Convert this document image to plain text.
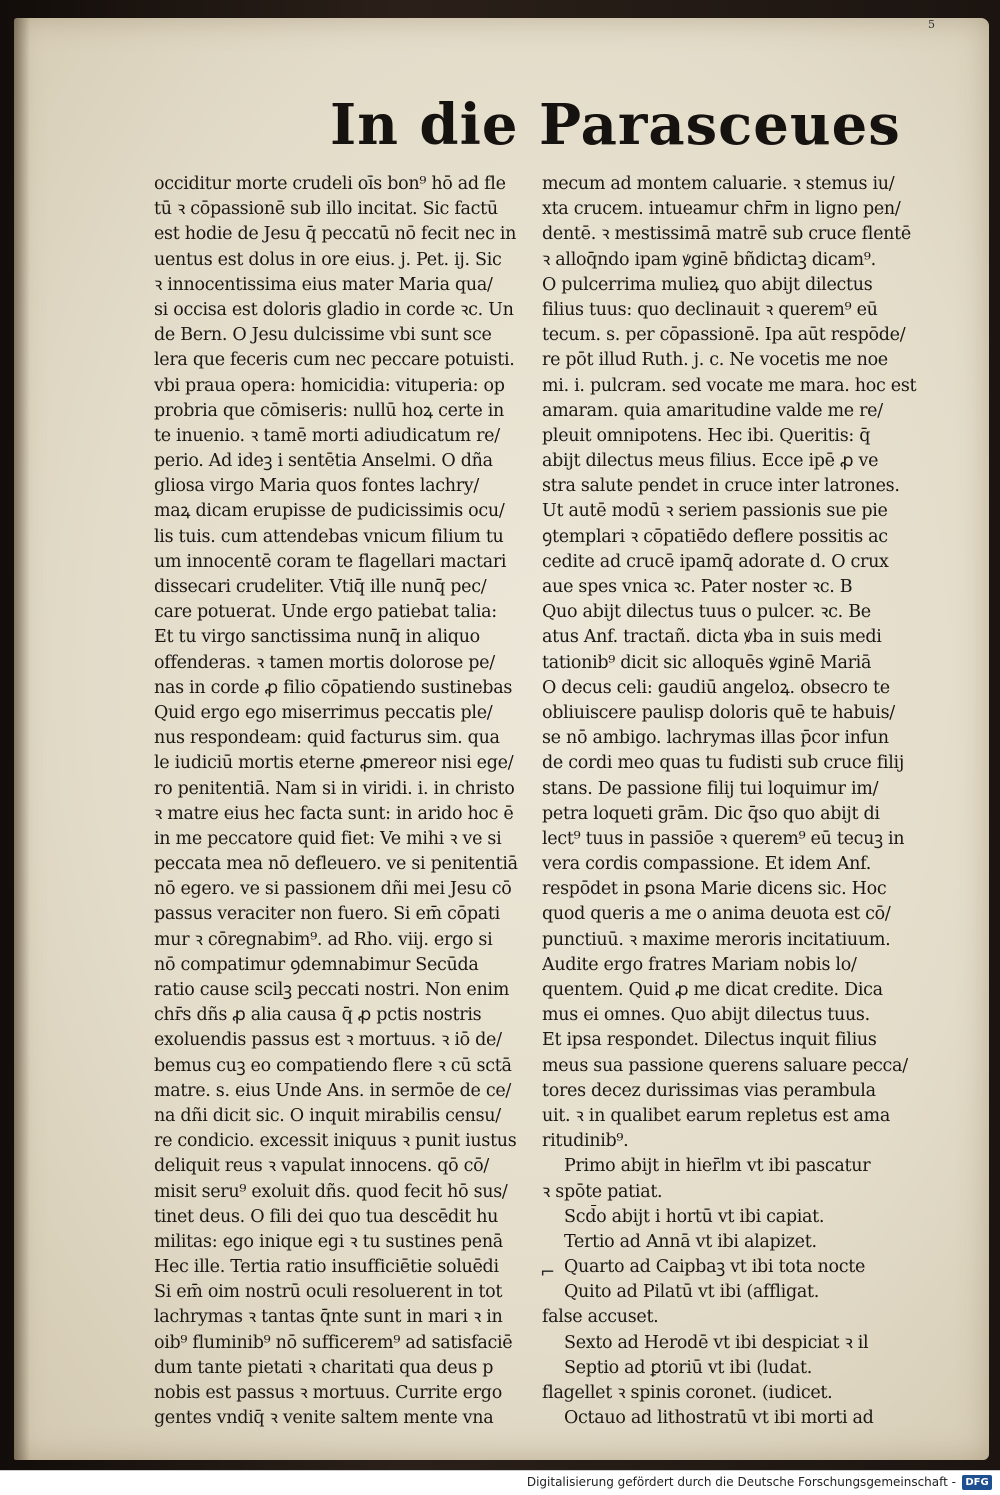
5
In die Parasceues
occiditur morte crudeli oīs bon⁹ hō ad fle
tū ꝛ cōpassionē sub illo incitat. Sic factū
est hodie de Jesu q̄ peccatū nō fecit nec in
uentus est dolus in ore eius. j. Pet. ij. Sic
ꝛ innocentissima eius mater Maria qua/
si occisa est doloris gladio in corde ꝛc. Un
de Bern. O Jesu dulcissime vbi sunt sce
lera que feceris cum nec peccare potuisti.
vbi praua opera: homicidia: vituperia: op
probria que cōmiseris: nullū hoꝝ certe in
te inuenio. ꝛ tamē morti adiudicatum re/
perio. Ad ideꝫ i sentētia Anselmi. O dña
gliosa virgo Maria quos fontes lachry/
maꝝ dicam erupisse de pudicissimis ocu/
lis tuis. cum attendebas vnicum filium tu
um innocentē coram te flagellari mactari
dissecari crudeliter. Vtiq̄ ille nunq̄ pec/
care potuerat. Unde ergo patiebat talia:
Et tu virgo sanctissima nunq̄ in aliquo
offenderas. ꝛ tamen mortis dolorose pe/
nas in corde ꝓ filio cōpatiendo sustinebas
Quid ergo ego miserrimus peccatis ple/
nus respondeam: quid facturus sim. qua
le iudiciū mortis eterne ꝓmereor nisi ege/
ro penitentiā. Nam si in viridi. i. in christo
ꝛ matre eius hec facta sunt: in arido hoc ē
in me peccatore quid fiet: Ve mihi ꝛ ve si
peccata mea nō defleuero. ve si penitentiā
nō egero. ve si passionem dñi mei Jesu cō
passus veraciter non fuero. Si em̄ cōpati
mur ꝛ cōregnabim⁹. ad Rho. viij. ergo si
nō compatimur ꝯdemnabimur Secūda
ratio cause scilꝫ peccati nostri. Non enim
chr̄s dñs ꝓ alia causa q̄ ꝓ pctis nostris
exoluendis passus est ꝛ mortuus. ꝛ iō de/
bemus cuꝫ eo compatiendo flere ꝛ cū sctā
matre. s. eius Unde Ans. in sermōe de ce/
na dñi dicit sic. O inquit mirabilis censu/
re condicio. excessit iniquus ꝛ punit iustus
deliquit reus ꝛ vapulat innocens. qō cō/
misit seru⁹ exoluit dñs. quod fecit hō sus/
tinet deus. O fili dei quo tua descēdit hu
militas: ego inique egi ꝛ tu sustines penā
Hec ille. Tertia ratio insufficiētie soluēdi
Si em̄ oim nostrū oculi resoluerent in tot
lachrymas ꝛ tantas q̄nte sunt in mari ꝛ in
oib⁹ fluminib⁹ nō sufficerem⁹ ad satisfaciē
dum tante pietati ꝛ charitati qua deus p
nobis est passus ꝛ mortuus. Currite ergo
gentes vndiq̄ ꝛ venite saltem mente vna
mecum ad montem caluarie. ꝛ stemus iu/
xta crucem. intueamur chr̄m in ligno pen/
dentē. ꝛ mestissimā matrē sub cruce flentē
ꝛ alloq̄ndo ipam ꝟginē bñdictaꝫ dicam⁹.
O pulcerrima mulieꝝ quo abijt dilectus
filius tuus: quo declinauit ꝛ querem⁹ eū
tecum. s. per cōpassionē. Ipa aūt respōde/
re pōt illud Ruth. j. c. Ne vocetis me noe
mi. i. pulcram. sed vocate me mara. hoc est
amaram. quia amaritudine valde me re/
pleuit omnipotens. Hec ibi. Queritis: q̄
abijt dilectus meus filius. Ecce ipē ꝓ ve
stra salute pendet in cruce inter latrones.
Ut autē modū ꝛ seriem passionis sue pie
ꝯtemplari ꝛ cōpatiēdo deflere possitis ac
cedite ad crucē ipamq̄ adorate d. O crux
aue spes vnica ꝛc. Pater noster ꝛc. B
Quo abijt dilectus tuus o pulcer. ꝛc. Be
atus Anf. tractañ. dicta ꝟba in suis medi
tationib⁹ dicit sic alloquēs ꝟginē Mariā
O decus celi: gaudiū angeloꝝ. obsecro te
obliuiscere paulisp doloris quē te habuis/
se nō ambigo. lachrymas illas p̄cor infun
de cordi meo quas tu fudisti sub cruce filij
stans. De passione filij tui loquimur im/
petra loqueti grām. Dic q̄so quo abijt di
lect⁹ tuus in passiōe ꝛ querem⁹ eū tecuꝫ in
vera cordis compassione. Et idem Anf.
respōdet in ꝑsona Marie dicens sic. Hoc
quod queris a me o anima deuota est cō/
punctiuū. ꝛ maxime meroris incitatiuum.
Audite ergo fratres Mariam nobis lo/
quentem. Quid ꝓ me dicat credite. Dica
mus ei omnes. Quo abijt dilectus tuus.
Et ipsa respondet. Dilectus inquit filius
meus sua passione querens saluare pecca/
tores decez durissimas vias perambula
uit. ꝛ in qualibet earum repletus est ama
ritudinib⁹.
Primo abijt in hier̄lm vt ibi pascatur
ꝛ spōte patiat.
Scd̄o abijt i hortū vt ibi capiat.
Tertio ad Annā vt ibi alapizet.
Quarto ad Caipbaꝫ vt ibi tota nocte
Quito ad Pilatū vt ibi (affligat.
false accuset.
Sexto ad Herodē vt ibi despiciat ꝛ il
Septio ad ꝑtoriū vt ibi (ludat.
flagellet ꝛ spinis coronet. (iudicet.
Octauo ad lithostratū vt ibi morti ad
⌐
Digitalisierung gefördert durch die Deutsche Forschungsgemeinschaft - DFG
